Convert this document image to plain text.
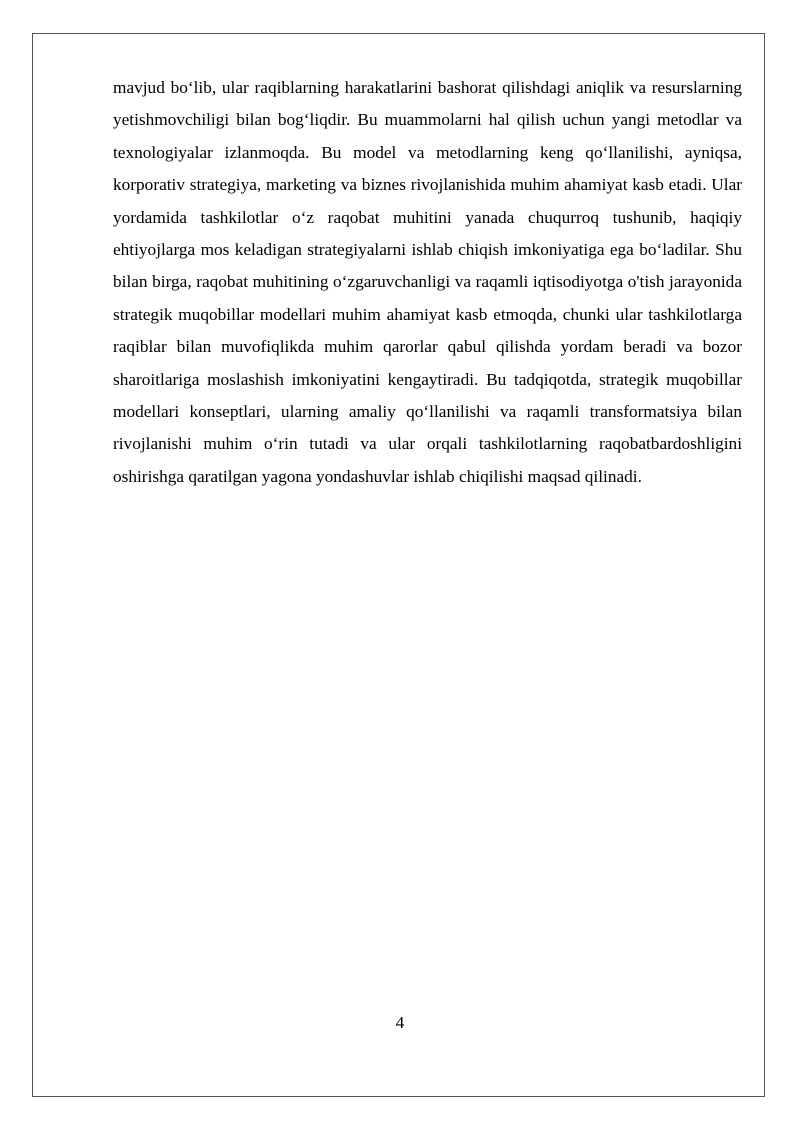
mavjud bo‘lib, ular raqiblarning harakatlarini bashorat qilishdagi aniqlik va resurslarning yetishmovchiligi bilan bog‘liqdir. Bu muammolarni hal qilish uchun yangi metodlar va texnologiyalar izlanmoqda. Bu model va metodlarning keng qo‘llanilishi, ayniqsa, korporativ strategiya, marketing va biznes rivojlanishida muhim ahamiyat kasb etadi. Ular yordamida tashkilotlar o‘z raqobat muhitini yanada chuqurroq tushunib, haqiqiy ehtiyojlarga mos keladigan strategiyalarni ishlab chiqish imkoniyatiga ega bo‘ladilar. Shu bilan birga, raqobat muhitining o‘zgaruvchanligi va raqamli iqtisodiyotga o'tish jarayonida strategik muqobillar modellari muhim ahamiyat kasb etmoqda, chunki ular tashkilotlarga raqiblar bilan muvofiqlikda muhim qarorlar qabul qilishda yordam beradi va bozor sharoitlariga moslashish imkoniyatini kengaytiradi. Bu tadqiqotda, strategik muqobillar modellari konseptlari, ularning amaliy qo‘llanilishi va raqamli transformatsiya bilan rivojlanishi muhim o‘rin tutadi va ular orqali tashkilotlarning raqobatbardoshligini oshirishga qaratilgan yagona yondashuvlar ishlab chiqilishi maqsad qilinadi.

4
